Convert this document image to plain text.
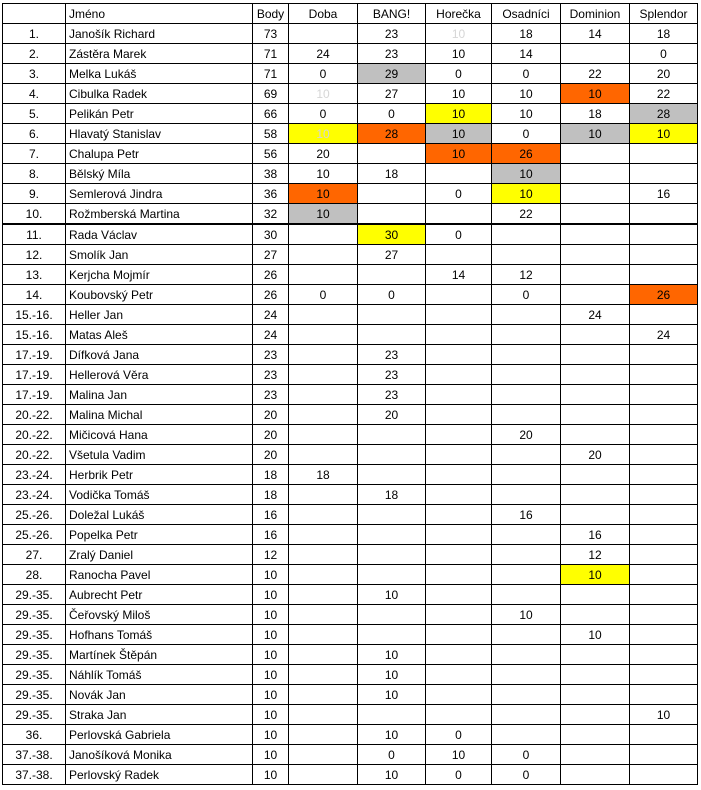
	Jméno	Body	Doba	BANG!	Horečka	Osadníci	Dominion	Splendor
1.	Janošík Richard	73		23	10	18	14	18
2.	Zástěra Marek	71	24	23	10	14		0
3.	Melka Lukáš	71	0	29	0	0	22	20
4.	Cibulka Radek	69	10	27	10	10	10	22
5.	Pelikán Petr	66	0	0	10	10	18	28
6.	Hlavatý Stanislav	58	10	28	10	0	10	10
7.	Chalupa Petr	56	20		10	26		
8.	Bělský Míla	38	10	18		10		
9.	Semlerová Jindra	36	10		0	10		16
10.	Rožmberská Martina	32	10			22		
11.	Rada Václav	30		30	0			
12.	Smolík Jan	27		27				
13.	Kerjcha Mojmír	26			14	12		
14.	Koubovský Petr	26	0	0		0		26
15.-16.	Heller Jan	24					24	
15.-16.	Matas Aleš	24						24
17.-19.	Dífková Jana	23		23				
17.-19.	Hellerová Věra	23		23				
17.-19.	Malina Jan	23		23				
20.-22.	Malina Michal	20		20				
20.-22.	Mičicová Hana	20				20		
20.-22.	Všetula Vadim	20					20	
23.-24.	Herbrik Petr	18	18					
23.-24.	Vodička Tomáš	18		18				
25.-26.	Doležal Lukáš	16				16		
25.-26.	Popelka Petr	16					16	
27.	Zralý Daniel	12					12	
28.	Ranocha Pavel	10					10	
29.-35.	Aubrecht Petr	10		10				
29.-35.	Čeřovský Miloš	10				10		
29.-35.	Hofhans Tomáš	10					10	
29.-35.	Martínek Štěpán	10		10				
29.-35.	Náhlík Tomáš	10		10				
29.-35.	Novák Jan	10		10				
29.-35.	Straka Jan	10						10
36.	Perlovská Gabriela	10		10	0			
37.-38.	Janošíková Monika	10		0	10	0		
37.-38.	Perlovský Radek	10		10	0	0		
